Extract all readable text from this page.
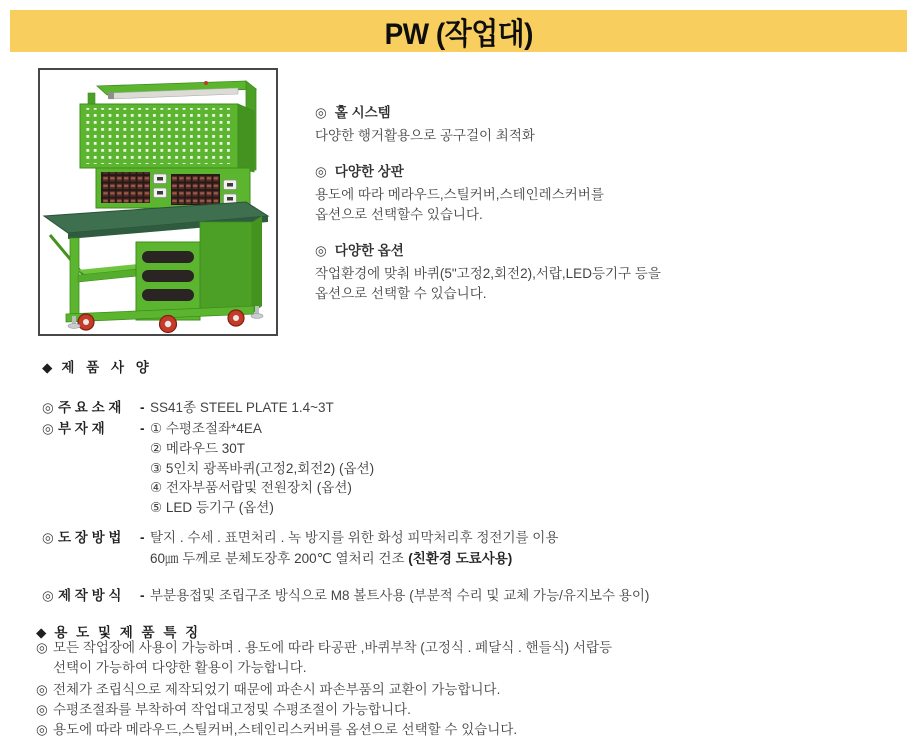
PW (작업대)
◎ 홀 시스템
다양한 행거활용으로 공구걸이 최적화
◎ 다양한 상판
용도에 따라 메라우드,스틸커버,스테인레스커버를
옵션으로 선택할수 있습니다.
◎ 다양한 옵션
작업환경에 맞춰 바퀴(5"고정2,회전2),서랍,LED등기구 등을
옵션으로 선택할 수 있습니다.
◆ 제 품 사 양
◎ 주 요 소 재 - SS41종 STEEL PLATE 1.4~3T
◎ 부 자 재	- ① 수평조절좌*4EA
② 메라우드 30T
③ 5인치 광폭바퀴(고정2,회전2) (옵션)
④ 전자부품서랍및 전원장치 (옵션)
⑤ LED 등기구 (옵션)
◎ 도 장 방 법 - 탈지 . 수세 . 표면처리 . 녹 방지를 위한 화성 피막처리후 정전기를 이용
60㎛ 두께로 분체도장후 200℃ 열처리 건조 (친환경 도료사용)
◎ 제 작 방 식 - 부분용접및 조립구조 방식으로 M8 볼트사용 (부분적 수리 및 교체 가능/유지보수 용이)
◆ 용 도 및 제 품 특 징
◎ 모든 작업장에 사용이 가능하며 . 용도에 따라 타공판 ,바퀴부착 (고정식 . 페달식 . 핸들식) 서랍등
선택이 가능하여 다양한 활용이 가능합니다.
◎ 전체가 조립식으로 제작되었기 때문에 파손시 파손부품의 교환이 가능합니다.
◎ 수평조절좌를 부착하여 작업대고정및 수평조절이 가능합니다.
◎ 용도에 따라 메라우드,스틸커버,스테인리스커버를 옵션으로 선택할 수 있습니다.
